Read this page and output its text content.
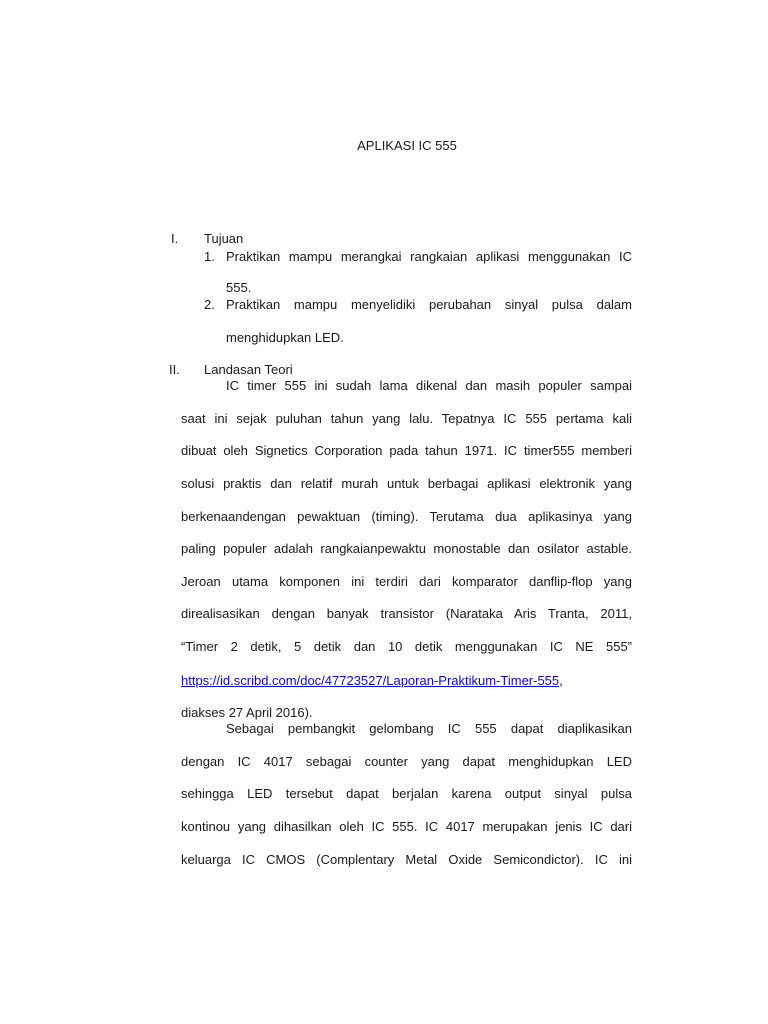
APLIKASI IC 555
I. Tujuan
1. Praktikan mampu merangkai rangkaian aplikasi menggunakan IC
555.
2. Praktikan mampu menyelidiki perubahan sinyal pulsa dalam
menghidupkan LED.
II. Landasan Teori
IC timer 555 ini sudah lama dikenal dan masih populer sampai
saat ini sejak puluhan tahun yang lalu. Tepatnya IC 555 pertama kali
dibuat oleh Signetics Corporation pada tahun 1971. IC timer555 memberi
solusi praktis dan relatif murah untuk berbagai aplikasi elektronik yang
berkenaandengan pewaktuan (timing). Terutama dua aplikasinya yang
paling populer adalah rangkaianpewaktu monostable dan osilator astable.
Jeroan utama komponen ini terdiri dari komparator danflip-flop yang
direalisasikan dengan banyak transistor (Narataka Aris Tranta, 2011,
“Timer 2 detik, 5 detik dan 10 detik menggunakan IC NE 555”
https://id.scribd.com/doc/47723527/Laporan-Praktikum-Timer-555,
diakses 27 April 2016).
Sebagai pembangkit gelombang IC 555 dapat diaplikasikan
dengan IC 4017 sebagai counter yang dapat menghidupkan LED
sehingga LED tersebut dapat berjalan karena output sinyal pulsa
kontinou yang dihasilkan oleh IC 555. IC 4017 merupakan jenis IC dari
keluarga IC CMOS (Complentary Metal Oxide Semicondictor). IC ini
